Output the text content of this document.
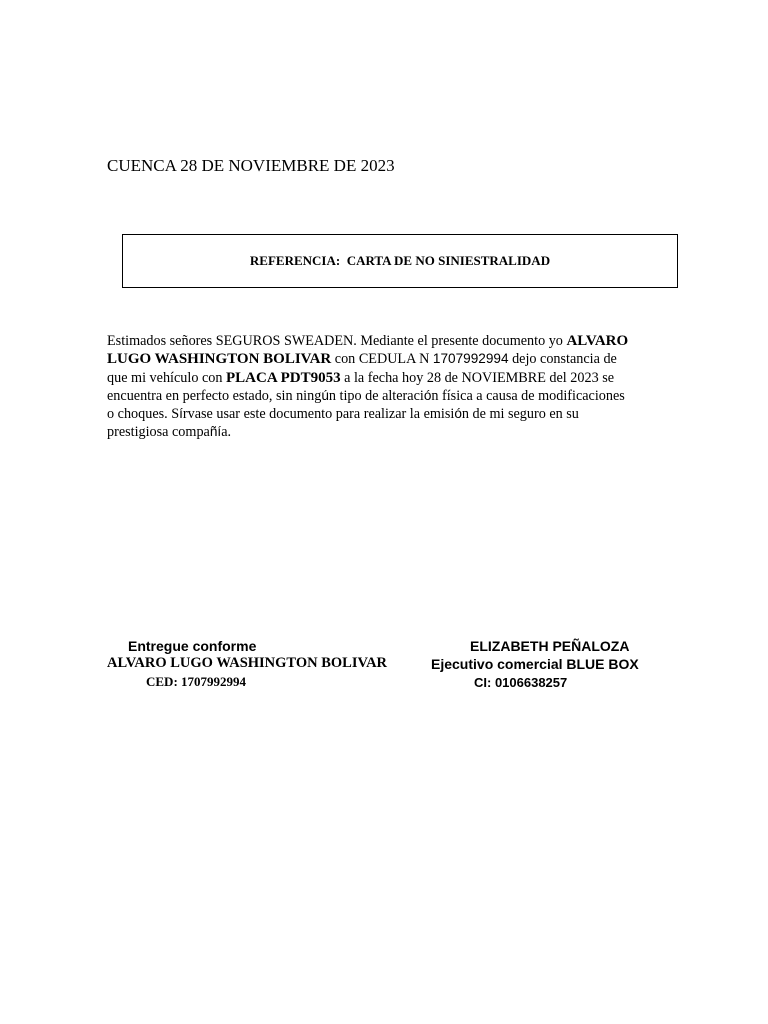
CUENCA 28 DE NOVIEMBRE DE 2023
REFERENCIA:  CARTA DE NO SINIESTRALIDAD
Estimados señores SEGUROS SWEADEN. Mediante el presente documento yo ALVARO
LUGO WASHINGTON BOLIVAR con CEDULA N 1707992994 dejo constancia de
que mi vehículo con PLACA PDT9053 a la fecha hoy 28 de NOVIEMBRE del 2023 se
encuentra en perfecto estado, sin ningún tipo de alteración física a causa de modificaciones
o choques. Sírvase usar este documento para realizar la emisión de mi seguro en su
prestigiosa compañía.
Entregue conforme
ALVARO LUGO WASHINGTON BOLIVAR
CED: 1707992994
ELIZABETH PEÑALOZA
Ejecutivo comercial BLUE BOX
CI: 0106638257
